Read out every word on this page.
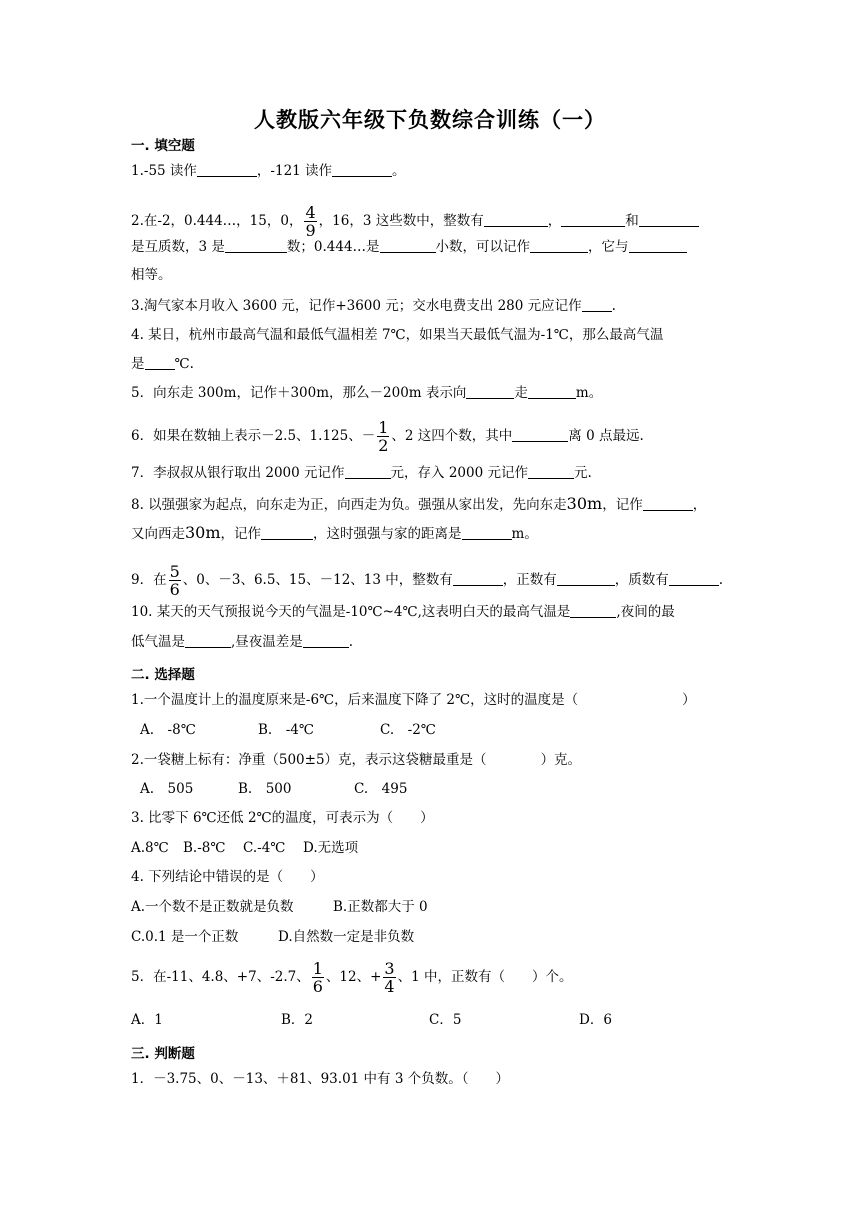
人教版六年级下负数综合训练（一）
一. 填空题
1.-55 读作	，-121 读作	。
2.在-2，0.444…，15，0， $\frac{4}{9}$ ，16，3 这些数中，整数有	，	和
是互质数，3 是	数；0.444…是	小数，可以记作	，它与
相等。
3.淘气家本月收入 3600 元，记作+3600 元；交水电费支出 280 元应记作 .
4. 某日，杭州市最高气温和最低气温相差 7℃，如果当天最低气温为-1℃，那么最高气温
是 ℃.
5．向东走 300m，记作＋300m，那么－200m 表示向	走	m。
6．如果在数轴上表示－2.5、1.125、－ $\frac{1}{2}$ 、2 这四个数，其中	离 0 点最远.
7．李叔叔从银行取出 2000 元记作	元，存入 2000 元记作	元.
8. 以强强家为起点，向东走为正，向西走为负。强强从家出发，先向东走30m，记作	，
又向西走30m，记作	，这时强强与家的距离是	m。
9．在 $\frac{5}{6}$ 、0、－3、6.5、15、－12、13 中，整数有	，正数有	，质数有	.
10. 某天的天气预报说今天的气温是-10℃~4℃,这表明白天的最高气温是	,夜间的最
低气温是	,昼夜温差是	.
二. 选择题
1.一个温度计上的温度原来是-6℃，后来温度下降了 2℃，这时的温度是（	）
A.　-8℃	B.　-4℃	C.　-2℃
2.一袋糖上标有：净重（500±5）克，表示这袋糖最重是（	）克。
A.　505	B.　500	C.　495
3. 比零下 6℃还低 2℃的温度，可表示为（　　）
A.8℃ B.-8℃ C.-4℃ D.无选项
4. 下列结论中错误的是（　　）
A.一个数不是正数就是负数	B.正数都大于 0
C.0.1 是一个正数	D.自然数一定是非负数
5．在-11、4.8、+7、-2.7、 $\frac{1}{6}$ 、12、+ $\frac{3}{4}$ 、1 中，正数有（　　）个。
A．1	B．2	C．5	D．6
三. 判断题
1．－3.75、0、－13、＋81、93.01 中有 3 个负数。（　　）
